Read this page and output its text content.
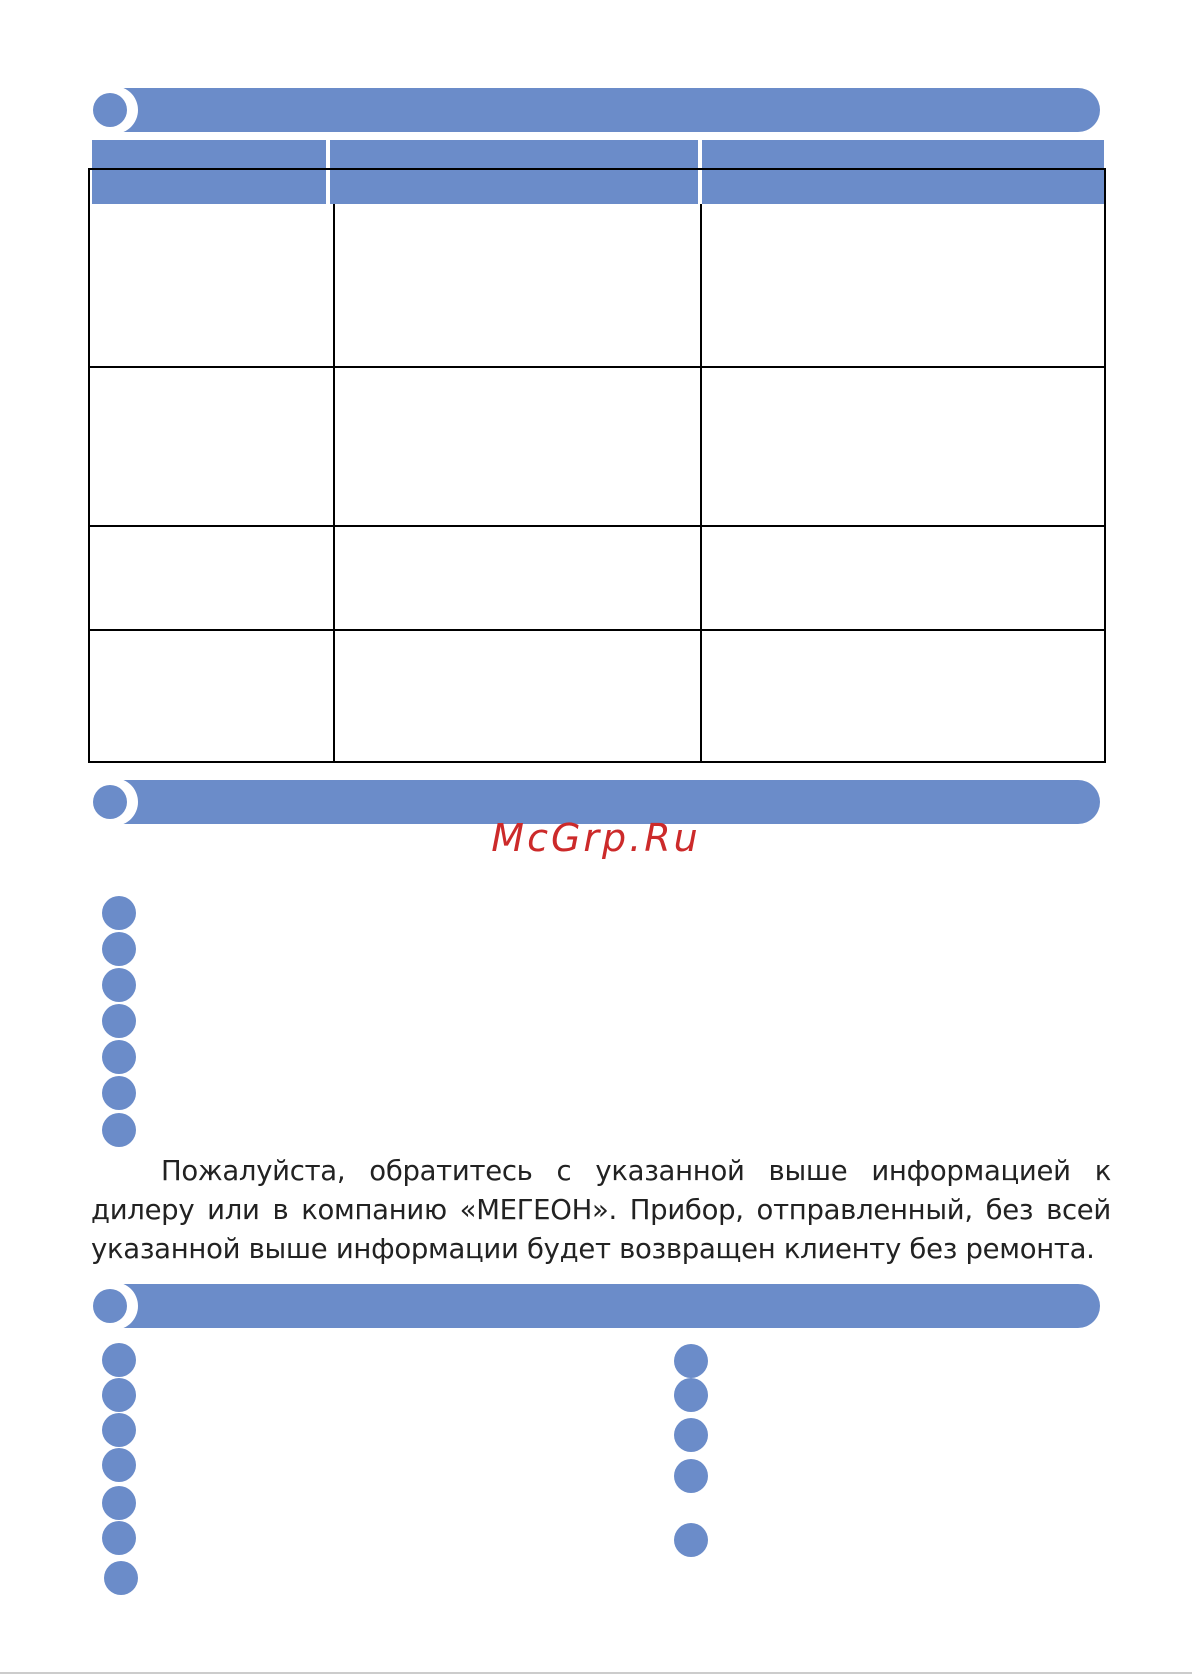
McGrp.Ru
Пожалуйста, обратитесь с указанной выше информацией к дилеру или в компанию «МЕГЕОН». Прибор, отправленный, без всей указанной выше информации будет возвращен клиенту без ремонта.
